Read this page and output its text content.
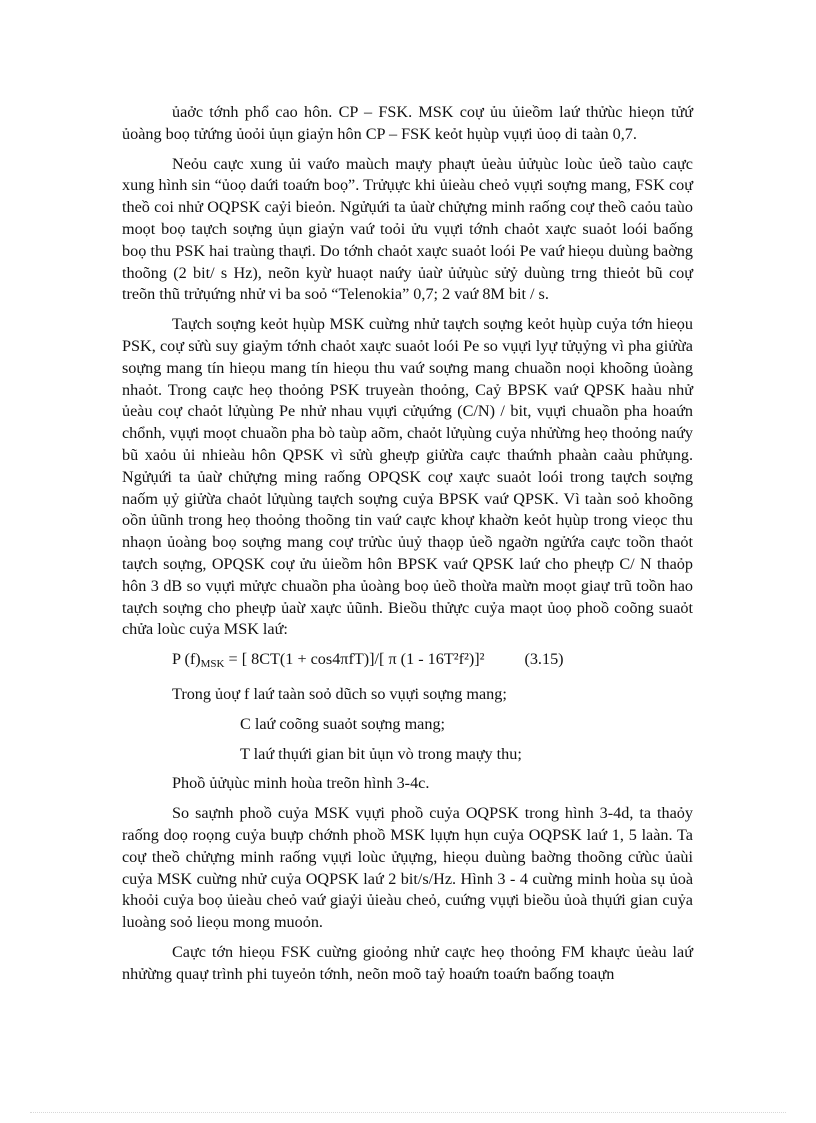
ủaởc tớnh phổ cao hôn. CP – FSK. MSK coự ủu ủieồm laứ thửùc hieọn tửứ ủoàng boọ tửứng ủoỏi ủụn giaỷn hôn CP – FSK keỏt hụùp vụựi ủoọ di taàn 0,7.

Neỏu caực xung ủi vaứo maùch maựy phaựt ủeàu ủửụùc loùc ủeồ taùo caực xung hình sin “ủoọ daứi toaứn boọ”. Trửụực khi ủieàu cheỏ vụựi soựng mang, FSK coự theồ coi nhử OQPSK caỷi bieỏn. Ngửụứi ta ủaừ chửựng minh raống coự theồ caỏu taùo moọt boọ taựch soựng ủụn giaỷn vaứ toỏi ửu vụựi tớnh chaỏt xaực suaỏt loói baống boọ thu PSK hai traùng thaựi. Do tớnh chaỏt xaực suaỏt loói Pe vaứ hieọu duùng baờng thoõng (2 bit/ s Hz), neõn kyừ huaọt naứy ủaừ ủửụùc sửỷ duùng trng thieỏt bũ coự treõn thũ trửụứng nhử vi ba soỏ “Telenokia” 0,7; 2 vaứ 8M bit / s.

Taựch soựng keỏt hụùp MSK cuừng nhử taựch soựng keỏt hụùp cuỷa tớn hieọu PSK, coự sửù suy giaỷm tớnh chaỏt xaực suaỏt loói Pe so vụựi lyự tửụỷng vì pha giửừa soựng mang tín hieọu mang tín hieọu thu vaứ soựng mang chuaồn noọi khoõng ủoàng nhaỏt. Trong caực heọ thoỏng PSK truyeàn thoỏng, Caỷ BPSK vaứ QPSK haàu nhử ủeàu coự chaỏt lửụùng Pe nhử nhau vụựi cửụứng (C/N) / bit, vụựi chuaồn pha hoaứn chổnh, vụựi moọt chuaồn pha bò taùp aõm, chaỏt lửụùng cuỷa nhửừng heọ thoỏng naứy bũ xaỏu ủi nhieàu hôn QPSK vì sửù gheựp giửừa caực thaứnh phaàn caàu phửụng. Ngửụứi ta ủaừ chửựng ming raống OPQSK coự xaực suaỏt loói trong taựch soựng naốm ụỷ giửừa chaỏt lửụùng taựch soựng cuỷa BPSK vaứ QPSK. Vì taàn soỏ khoõng oồn ủũnh trong heọ thoỏng thoõng tin vaứ caực khoự khaờn keỏt hụùp trong vieọc thu nhaọn ủoàng boọ soựng mang coự trửùc ủuỷ thaọp ủeồ ngaờn ngửứa caực toồn thaỏt taựch soựng, OPQSK coự ửu ủieồm hôn BPSK vaứ QPSK laứ cho pheựp C/ N thaỏp hôn 3 dB so vụựi mửực chuaồn pha ủoàng boọ ủeồ thoừa maừn moọt giaự trũ toồn hao taựch soựng cho pheựp ủaừ xaực ủũnh. Bieồu thửực cuỷa maọt ủoọ phoồ coõng suaỏt chửa loùc cuỷa MSK laứ:

P $(f)_{MSK}$ = [ 8CT(1 + cos4πfT)]/[ π (1 - 16T²f²)]² (3.15)
Trong ủoự f laứ taàn soỏ dũch so vụựi soựng mang;
C laứ coõng suaỏt soựng mang;
T laứ thụứi gian bit ủụn vò trong maựy thu;
Phoồ ủửụùc minh hoùa treõn hình 3-4c.

So saựnh phoồ cuỷa MSK vụựi phoồ cuỷa OQPSK trong hình 3-4d, ta thaỏy raống doọ roọng cuỷa buựp chớnh phoồ MSK lụựn hụn cuỷa OQPSK laứ 1, 5 laàn. Ta coự theồ chửựng minh raống vụựi loùc ửụựng, hieọu duùng baờng thoõng cửùc ủaùi cuỷa MSK cuừng nhử cuỷa OQPSK laứ 2 bit/s/Hz. Hình 3 - 4 cuừng minh hoùa sụ ủoà khoỏi cuỷa boọ ủieàu cheỏ vaứ giaỷi ủieàu cheỏ, cuứng vụựi bieồu ủoà thụứi gian cuỷa luoàng soỏ lieọu mong muoỏn.

Caực tớn hieọu FSK cuừng gioỏng nhử caực heọ thoỏng FM khaực ủeàu laứ nhửừng quaự trình phi tuyeỏn tớnh, neõn moõ taỷ hoaứn toaứn baống toaựn
